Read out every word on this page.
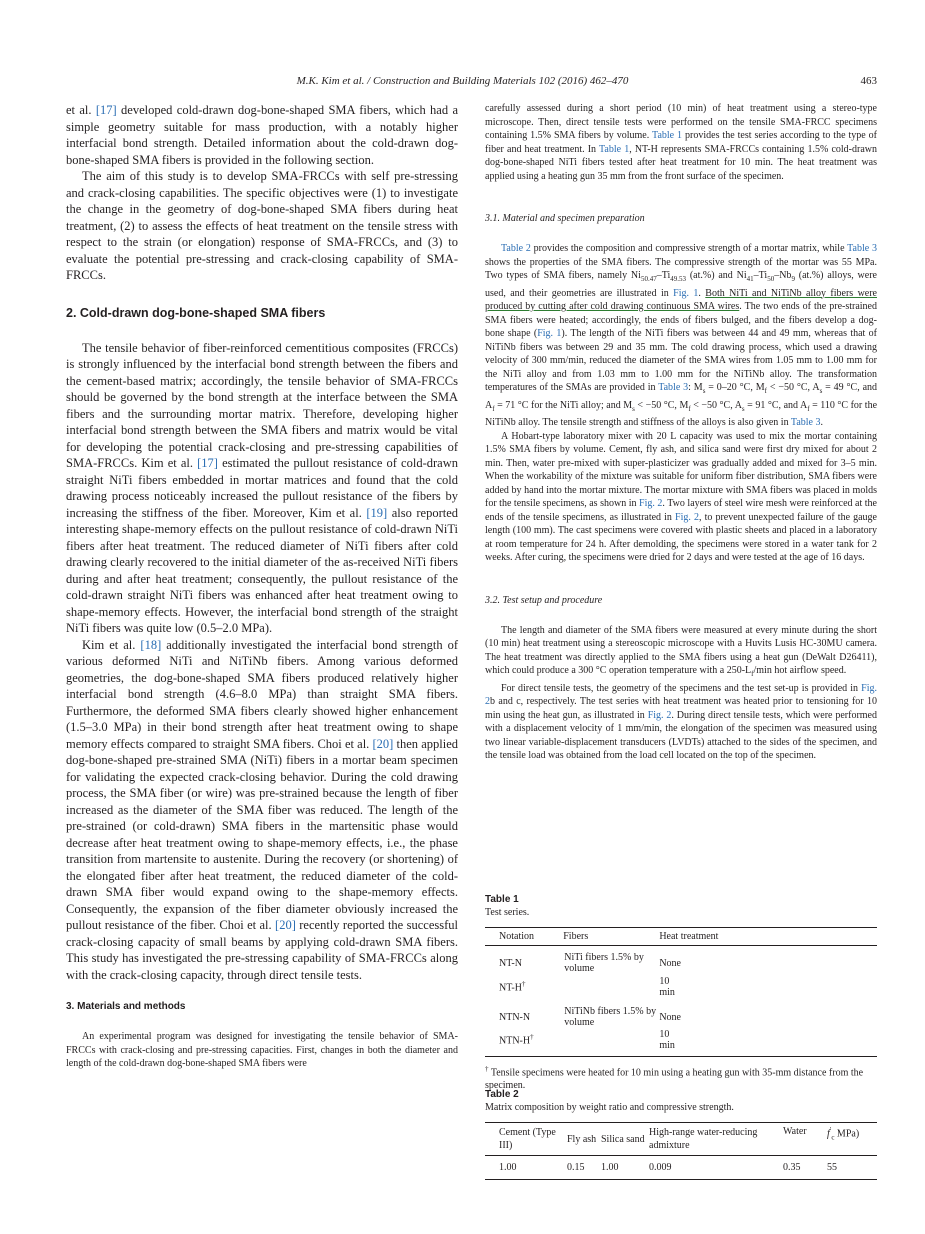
M.K. Kim et al. / Construction and Building Materials 102 (2016) 462–470	463

et al. [17] developed cold-drawn dog-bone-shaped SMA fibers, which had a simple geometry suitable for mass production, with a notably higher interfacial bond strength. Detailed information about the cold-drawn dog-bone-shaped SMA fibers is provided in the following section.

The aim of this study is to develop SMA-FRCCs with self pre-stressing and crack-closing capabilities. The specific objectives were (1) to investigate the change in the geometry of dog-bone-shaped SMA fibers during heat treatment, (2) to assess the effects of heat treatment on the tensile stress with respect to the strain (or elongation) response of SMA-FRCCs, and (3) to evaluate the potential pre-stressing and crack-closing capability of SMA-FRCCs.

2. Cold-drawn dog-bone-shaped SMA fibers

The tensile behavior of fiber-reinforced cementitious composites (FRCCs) is strongly influenced by the interfacial bond strength between the fibers and the cement-based matrix; accordingly, the tensile behavior of SMA-FRCCs should be governed by the bond strength at the interface between the SMA fibers and the surrounding mortar matrix. Therefore, developing higher interfacial bond strength between the SMA fibers and matrix would be vital for developing the potential crack-closing and pre-stressing capabilities of SMA-FRCCs. Kim et al. [17] estimated the pullout resistance of cold-drawn straight NiTi fibers embedded in mortar matrices and found that the cold drawing process noticeably increased the pullout resistance of the fibers by increasing the stiffness of the fiber. Moreover, Kim et al. [19] also reported interesting shape-memory effects on the pullout resistance of cold-drawn NiTi fibers after heat treatment. The reduced diameter of NiTi fibers after cold drawing clearly recovered to the initial diameter of the as-received NiTi fibers during and after heat treatment; consequently, the pullout resistance of the cold-drawn straight NiTi fibers was enhanced after heat treatment owing to shape-memory effects. However, the interfacial bond strength of the straight NiTi fibers was quite low (0.5–2.0 MPa).

Kim et al. [18] additionally investigated the interfacial bond strength of various deformed NiTi and NiTiNb fibers. Among various deformed geometries, the dog-bone-shaped SMA fibers produced relatively higher interfacial bond strength (4.6–8.0 MPa) than straight SMA fibers. Furthermore, the deformed SMA fibers clearly showed higher enhancement (1.5–3.0 MPa) in their bond strength after heat treatment owing to shape memory effects compared to straight SMA fibers. Choi et al. [20] then applied dog-bone-shaped pre-strained SMA (NiTi) fibers in a mortar beam specimen for validating the expected crack-closing behavior. During the cold drawing process, the SMA fiber (or wire) was pre-strained because the length of fiber increased as the diameter of the SMA fiber was reduced. The length of the pre-strained (or cold-drawn) SMA fibers in the martensitic phase would decrease after heat treatment owing to shape-memory effects, i.e., the phase transition from martensite to austenite. During the recovery (or shortening) of the elongated fiber after heat treatment, the reduced diameter of the cold-drawn SMA fiber would expand owing to the shape-memory effects. Consequently, the expansion of the fiber diameter obviously increased the pullout resistance of the fiber. Choi et al. [20] recently reported the successful crack-closing capacity of small beams by applying cold-drawn SMA fibers. This study has investigated the pre-stressing capability of SMA-FRCCs along with the crack-closing capacity, through direct tensile tests.

3. Materials and methods

An experimental program was designed for investigating the tensile behavior of SMA-FRCCs with crack-closing and pre-stressing capacities. First, changes in both the diameter and length of the cold-drawn dog-bone-shaped SMA fibers were

carefully assessed during a short period (10 min) of heat treatment using a stereo-type microscope. Then, direct tensile tests were performed on the tensile SMA-FRCC specimens containing 1.5% SMA fibers by volume. Table 1 provides the test series according to the type of fiber and heat treatment. In Table 1, NT-H represents SMA-FRCCs containing 1.5% cold-drawn dog-bone-shaped NiTi fibers tested after heat treatment for 10 min. The heat treatment was applied using a heating gun 35 mm from the front surface of the specimen.

3.1. Material and specimen preparation

Table 2 provides the composition and compressive strength of a mortar matrix, while Table 3 shows the properties of the SMA fibers. The compressive strength of the mortar was 55 MPa. Two types of SMA fibers, namely $Ni_{50.47}-Ti_{49.53}$ (at.%) and $Ni_{41}-Ti_{50}-Nb_9$ (at.%) alloys, were used, and their geometries are illustrated in Fig. 1. Both NiTi and NiTiNb alloy fibers were produced by cutting after cold drawing continuous SMA wires. The two ends of the pre-strained SMA fibers were heated; accordingly, the ends of fibers bulged, and the fibers develop a dog-bone shape (Fig. 1). The length of the NiTi fibers was between 44 and 49 mm, whereas that of NiTiNb fibers was between 29 and 35 mm. The cold drawing process, which used a drawing velocity of 300 mm/min, reduced the diameter of the SMA wires from 1.05 mm to 1.00 mm for the NiTi alloy and from 1.03 mm to 1.00 mm for the NiTiNb alloy. The transformation temperatures of the SMAs are provided in Table 3: $M_s = 0-20$ °C, $M_f < -50$ °C, $A_s = 49$ °C, and $A_f = 71$ °C for the NiTi alloy; and $M_s < -50$ °C, $M_f < -50$ °C, $A_s = 91$ °C, and $A_f = 110$ °C for the NiTiNb alloy. The tensile strength and stiffness of the alloys is also given in Table 3.

A Hobart-type laboratory mixer with 20 L capacity was used to mix the mortar containing 1.5% SMA fibers by volume. Cement, fly ash, and silica sand were first dry mixed for about 2 min. Then, water pre-mixed with super-plasticizer was gradually added and mixed for 3–5 min. When the workability of the mixture was suitable for uniform fiber distribution, SMA fibers were added by hand into the mortar mixture. The mortar mixture with SMA fibers was placed in molds for the tensile specimens, as shown in Fig. 2. Two layers of steel wire mesh were reinforced at the ends of the tensile specimens, as illustrated in Fig. 2, to prevent unexpected failure of the gauge length (100 mm). The cast specimens were covered with plastic sheets and placed in a laboratory at room temperature for 24 h. After demolding, the specimens were stored in a water tank for 2 weeks. After curing, the specimens were dried for 2 days and were tested at the age of 16 days.

3.2. Test setup and procedure

The length and diameter of the SMA fibers were measured at every minute during the short (10 min) heat treatment using a stereoscopic microscope with a Huvits Lusis HC-30MU camera. The heat treatment was directly applied to the SMA fibers using a heat gun (DeWalt D26411), which could produce a 300 °C operation temperature with a $250-L_f/\min$ hot airflow speed.

For direct tensile tests, the geometry of the specimens and the test set-up is provided in Fig. 2b and c, respectively. The test series with heat treatment was heated prior to tensioning for 10 min using the heat gun, as illustrated in Fig. 2. During direct tensile tests, which were performed with a displacement velocity of 1 mm/min, the elongation of the specimen was measured using two linear variable-displacement transducers (LVDTs) attached to the sides of the specimen, and the tensile load was obtained from the load cell located on the top of the specimen.

Table 1
Test series.
Notation	Fibers	Heat treatment
NT-N	NiTi fibers 1.5% by volume	None
NT-H†		10 min
NTN-N	NiTiNb fibers 1.5% by volume	None
NTN-H†		10 min
† Tensile specimens were heated for 10 min using a heating gun with 35-mm distance from the specimen.
Table 2
Matrix composition by weight ratio and compressive strength.
Cement (Type III)	Fly ash	Silica sand	High-range water-reducing admixture	Water	$f'_c$ MPa)
1.00	0.15	1.00	0.009	0.35	55
